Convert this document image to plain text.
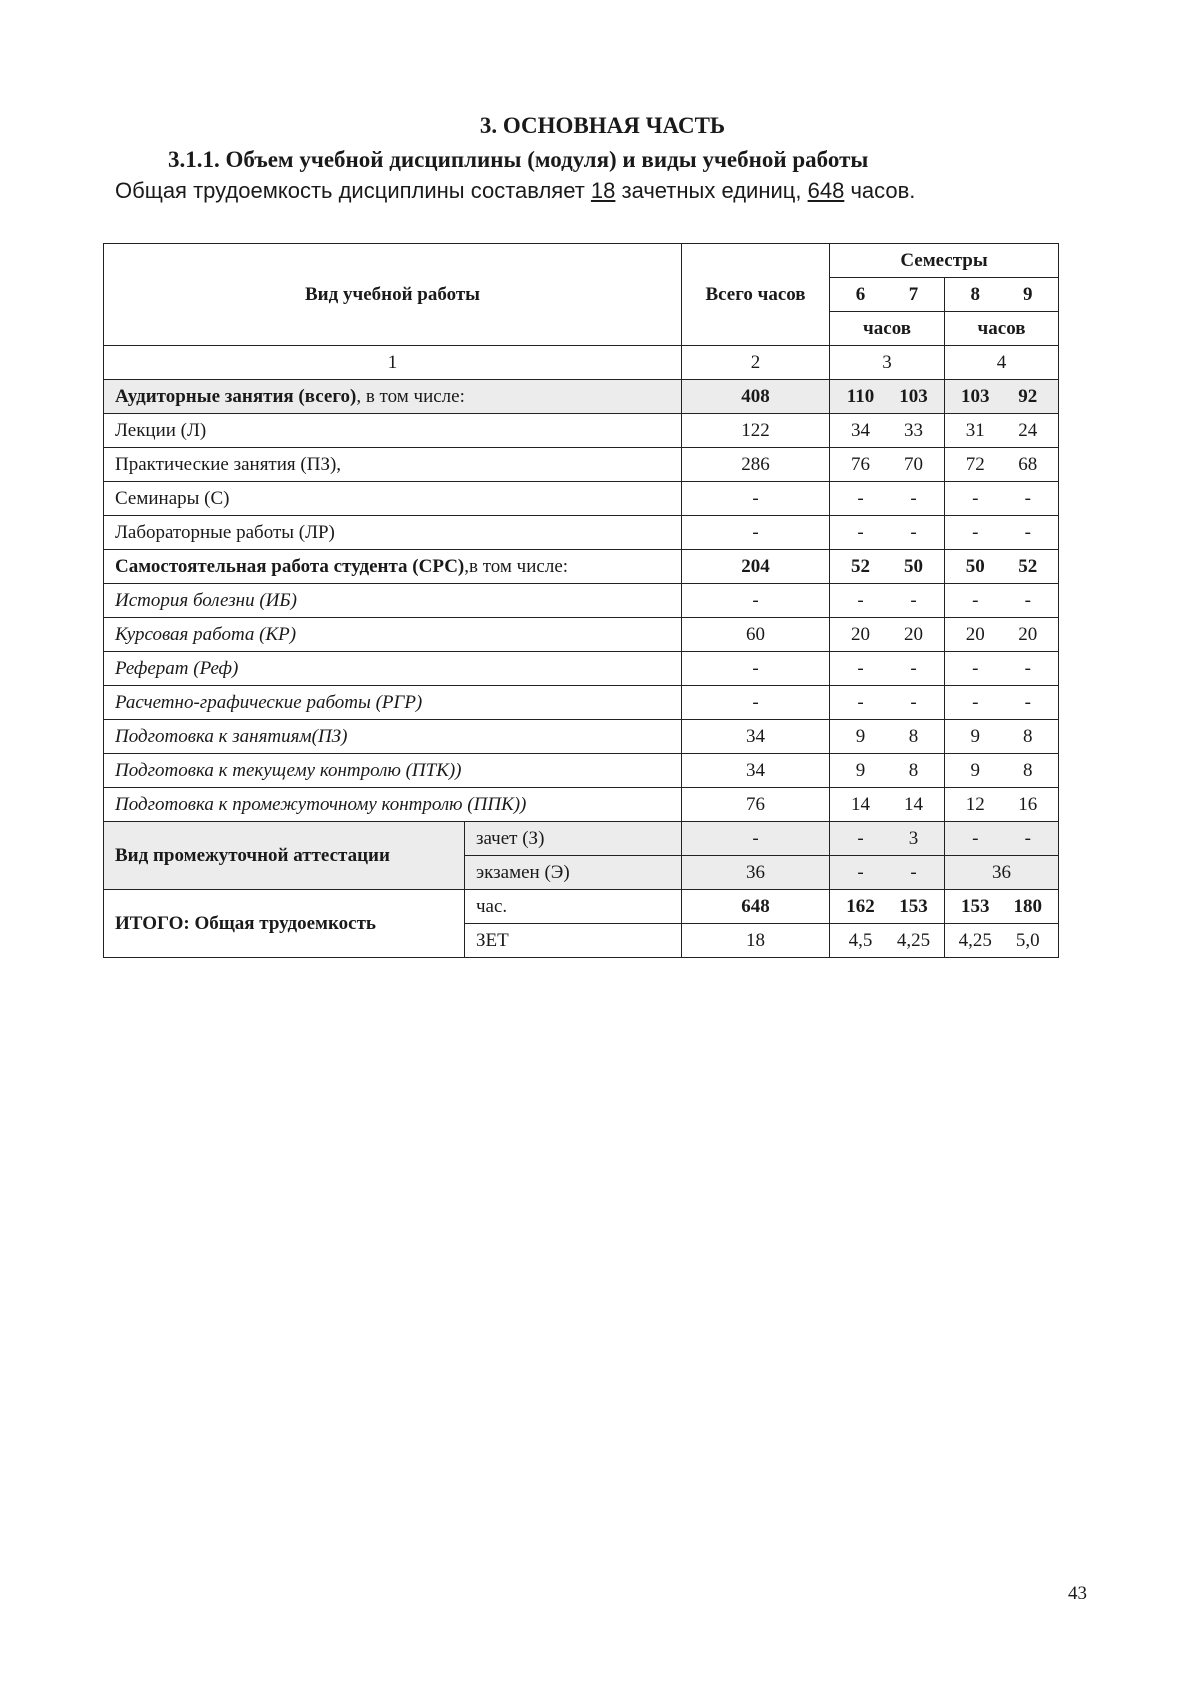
3. ОСНОВНАЯ ЧАСТЬ
3.1.1. Объем учебной дисциплины (модуля) и виды учебной работы
Общая трудоемкость дисциплины составляет 18 зачетных единиц, 648 часов.
Вид учебной работы		Всего часов	Семестры	

			6 7	8 9

			часов	часов
1		2	3	4
Аудиторные занятия (всего), в том числе:		408	110 103	103 92

Лекции (Л)		122	34 33	31 24

Практические занятия (ПЗ),		286	76 70	72 68

Семинары (С)		-	- -	- -

Лабораторные работы (ЛР)		-	- -	- -

Самостоятельная работа студента (СРС),в том числе:		204	52 50	50 52

История болезни (ИБ)		-	- -	- -

Курсовая работа (КР)		60	20 20	20 20

Реферат (Реф)		-	- -	- -

Расчетно-графические работы (РГР)		-	- -	- -

Подготовка к занятиям(ПЗ)		34	9 8	9 8

Подготовка к текущему контролю (ПТК))		34	9 8	9 8

Подготовка к промежуточному контролю (ППК))		76	14 14	12 16

Вид промежуточной аттестации	зачет (З)	-	- 3	- -

	экзамен (Э)	36	- -	36
ИТОГО: Общая трудоемкость	час.	648	162 153	153 180

	ЗЕТ	18	4,5 4,25	4,25 5,0
43
